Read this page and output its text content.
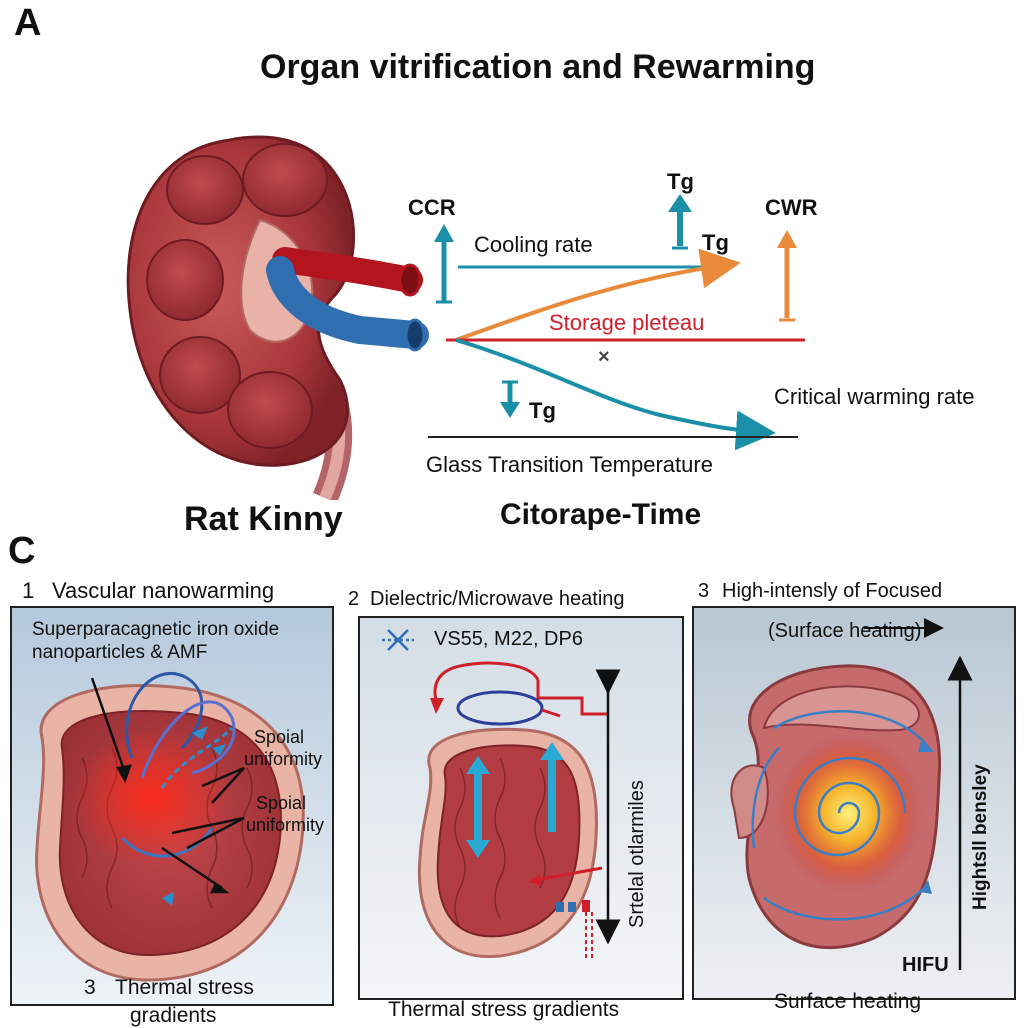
A
Organ vitrification and Rewarming
Rat Kinny
CCR
Tg
Tg
CWR
Cooling rate
Storage pleteau
×
Tg
Critical warming rate
Glass Transition Temperature
Citorape-Time
C
1 Vascular nanowarming
Superparacagnetic iron oxide
nanoparticles & AMF
Spoial
uniformity
Spoial
uniformity
3 Thermal stress
gradients
2 Dielectric/Microwave heating
VS55, M22, DP6
Srtelal otlarmiles
Thermal stress gradients
3 High-intensly of Focused
(Surface heating)
Hightsll bensley
HIFU
Surface heating
